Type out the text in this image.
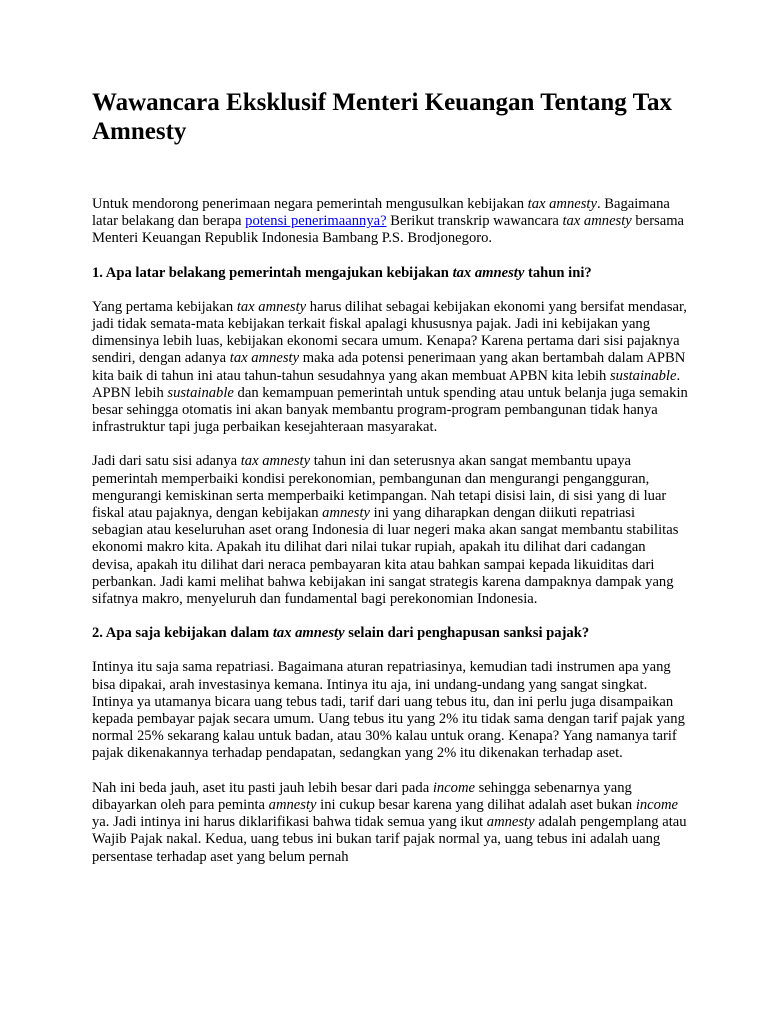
Wawancara Eksklusif Menteri Keuangan Tentang Tax Amnesty

Untuk mendorong penerimaan negara pemerintah mengusulkan kebijakan tax amnesty. Bagaimana latar belakang dan berapa potensi penerimaannya? Berikut transkrip wawancara tax amnesty bersama Menteri Keuangan Republik Indonesia Bambang P.S. Brodjonegoro.

1. Apa latar belakang pemerintah mengajukan kebijakan tax amnesty tahun ini?

Yang pertama kebijakan tax amnesty harus dilihat sebagai kebijakan ekonomi yang bersifat mendasar, jadi tidak semata-mata kebijakan terkait fiskal apalagi khususnya pajak. Jadi ini kebijakan yang dimensinya lebih luas, kebijakan ekonomi secara umum. Kenapa? Karena pertama dari sisi pajaknya sendiri, dengan adanya tax amnesty maka ada potensi penerimaan yang akan bertambah dalam APBN kita baik di tahun ini atau tahun-tahun sesudahnya yang akan membuat APBN kita lebih sustainable. APBN lebih sustainable dan kemampuan pemerintah untuk spending atau untuk belanja juga semakin besar sehingga otomatis ini akan banyak membantu program-program pembangunan tidak hanya infrastruktur tapi juga perbaikan kesejahteraan masyarakat.

Jadi dari satu sisi adanya tax amnesty tahun ini dan seterusnya akan sangat membantu upaya pemerintah memperbaiki kondisi perekonomian, pembangunan dan mengurangi pengangguran, mengurangi kemiskinan serta memperbaiki ketimpangan. Nah tetapi disisi lain, di sisi yang di luar fiskal atau pajaknya, dengan kebijakan amnesty ini yang diharapkan dengan diikuti repatriasi sebagian atau keseluruhan aset orang Indonesia di luar negeri maka akan sangat membantu stabilitas ekonomi makro kita. Apakah itu dilihat dari nilai tukar rupiah, apakah itu dilihat dari cadangan devisa, apakah itu dilihat dari neraca pembayaran kita atau bahkan sampai kepada likuiditas dari perbankan. Jadi kami melihat bahwa kebijakan ini sangat strategis karena dampaknya dampak yang sifatnya makro, menyeluruh dan fundamental bagi perekonomian Indonesia.

2. Apa saja kebijakan dalam tax amnesty selain dari penghapusan sanksi pajak?

Intinya itu saja sama repatriasi. Bagaimana aturan repatriasinya, kemudian tadi instrumen apa yang bisa dipakai, arah investasinya kemana. Intinya itu aja, ini undang-undang yang sangat singkat. Intinya ya utamanya bicara uang tebus tadi, tarif dari uang tebus itu, dan ini perlu juga disampaikan kepada pembayar pajak secara umum. Uang tebus itu yang 2% itu tidak sama dengan tarif pajak yang normal 25% sekarang kalau untuk badan, atau 30% kalau untuk orang. Kenapa? Yang namanya tarif pajak dikenakannya terhadap pendapatan, sedangkan yang 2% itu dikenakan terhadap aset.

Nah ini beda jauh, aset itu pasti jauh lebih besar dari pada income sehingga sebenarnya yang dibayarkan oleh para peminta amnesty ini cukup besar karena yang dilihat adalah aset bukan income ya. Jadi intinya ini harus diklarifikasi bahwa tidak semua yang ikut amnesty adalah pengemplang atau Wajib Pajak nakal. Kedua, uang tebus ini bukan tarif pajak normal ya, uang tebus ini adalah uang persentase terhadap aset yang belum pernah
